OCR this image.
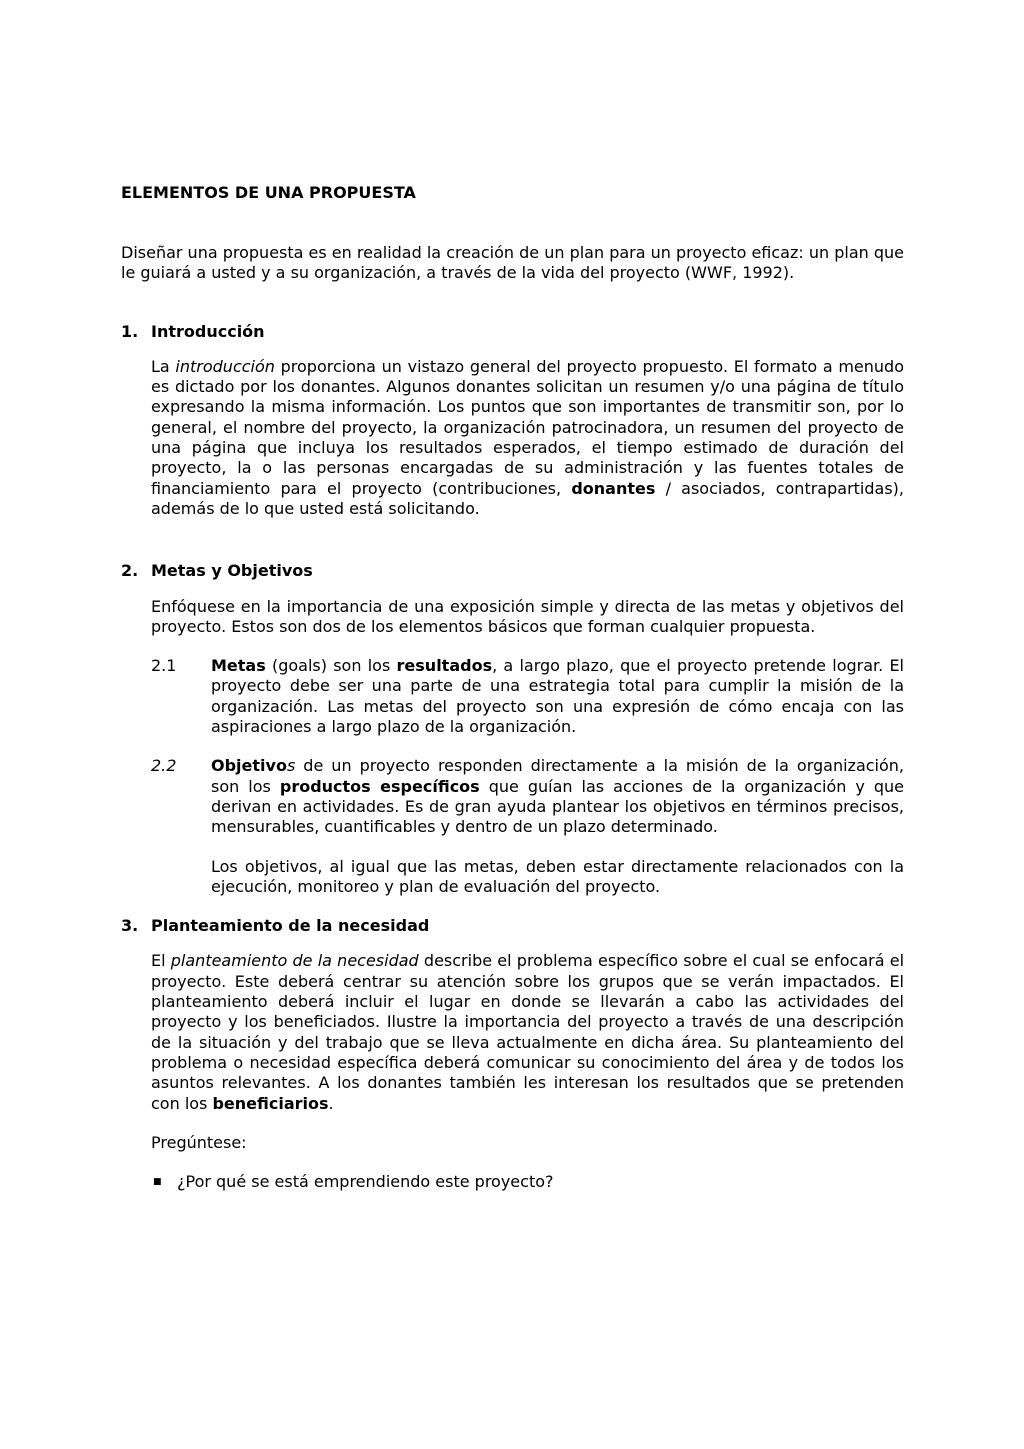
ELEMENTOS DE UNA PROPUESTA

Diseñar una propuesta es en realidad la creación de un plan para un proyecto eficaz: un plan que le guiará a usted y a su organización, a través de la vida del proyecto (WWF, 1992).

1. Introducción

La introducción proporciona un vistazo general del proyecto propuesto. El formato a menudo es dictado por los donantes. Algunos donantes solicitan un resumen y/o una página de título expresando la misma información. Los puntos que son importantes de transmitir son, por lo general, el nombre del proyecto, la organización patrocinadora, un resumen del proyecto de una página que incluya los resultados esperados, el tiempo estimado de duración del proyecto, la o las personas encargadas de su administración y las fuentes totales de financiamiento para el proyecto (contribuciones, donantes / asociados, contrapartidas), además de lo que usted está solicitando.

2. Metas y Objetivos

Enfóquese en la importancia de una exposición simple y directa de las metas y objetivos del proyecto. Estos son dos de los elementos básicos que forman cualquier propuesta.

2.1	Metas (goals) son los resultados, a largo plazo, que el proyecto pretende lograr. El proyecto debe ser una parte de una estrategia total para cumplir la misión de la organización. Las metas del proyecto son una expresión de cómo encaja con las aspiraciones a largo plazo de la organización.

2.2	Objetivos de un proyecto responden directamente a la misión de la organización, son los productos específicos que guían las acciones de la organización y que derivan en actividades. Es de gran ayuda plantear los objetivos en términos precisos, mensurables, cuantificables y dentro de un plazo determinado.

Los objetivos, al igual que las metas, deben estar directamente relacionados con la ejecución, monitoreo y plan de evaluación del proyecto.

3. Planteamiento de la necesidad

El planteamiento de la necesidad describe el problema específico sobre el cual se enfocará el proyecto. Este deberá centrar su atención sobre los grupos que se verán impactados. El planteamiento deberá incluir el lugar en donde se llevarán a cabo las actividades del proyecto y los beneficiados. Ilustre la importancia del proyecto a través de una descripción de la situación y del trabajo que se lleva actualmente en dicha área. Su planteamiento del problema o necesidad específica deberá comunicar su conocimiento del área y de todos los asuntos relevantes. A los donantes también les interesan los resultados que se pretenden con los beneficiarios.

Pregúntese:

■ ¿Por qué se está emprendiendo este proyecto?
